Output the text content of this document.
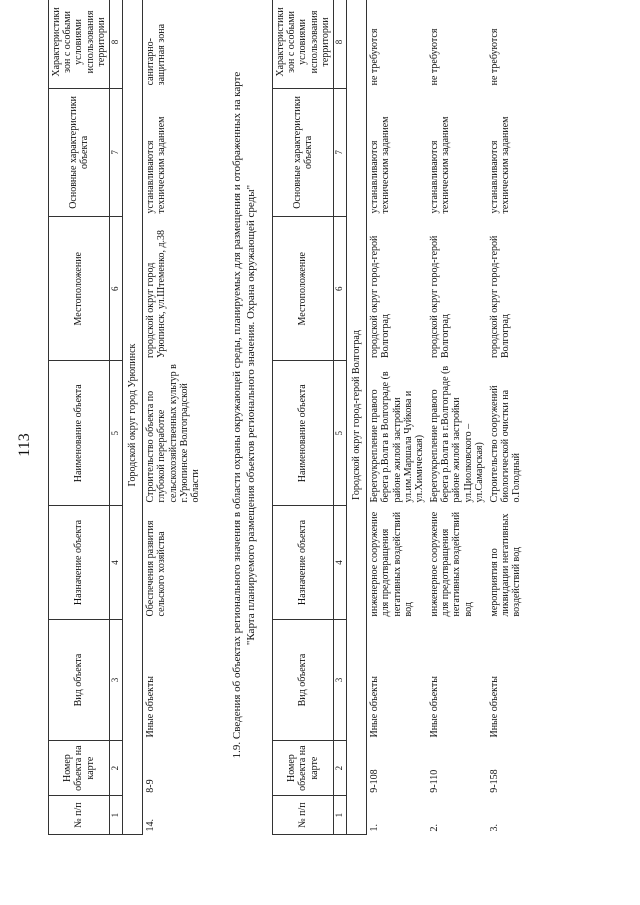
113
№ п/п	Номер объекта на карте	Вид объекта	Назначение объекта	Наименование объекта	Местоположение	Основные характеристики объекта	Характеристики зон с особыми условиями использования территории
1	2	3	4	5	6	7	8
Городской округ город Урюпинск							
14.	8-9	Иные объекты	Обеспечения развития сельского хозяйства	Строительство объекта по глубокой переработке сельскохозяйственных культур в г.Урюпинске Волгоградской области	городской округ город Урюпинск, ул.Штеменко, д.38	устанавливаются техническим заданием	санитарно-защитная зона
1.9. Сведения об объектах регионального значения в области охраны окружающей среды, планируемых для размещения и отображенных на карте "Карта планируемого размещения объектов регионального значения. Охрана окружающей среды"
№ п/п	Номер объекта на карте	Вид объекта	Назначение объекта	Наименование объекта	Местоположение	Основные характеристики объекта	Характеристики зон с особыми условиями использования территории
1	2	3	4	5	6	7	8
Городской округ город-герой Волгоград							
1.	9-108	Иные объекты	инженерное сооружение для предотвращения негативных воздействий вод	Берегоукрепление правого берега р.Волга в Волгограде (в районе жилой застройки ул.им.Маршала Чуйкова и ул.Химическая)	городской округ город-герой Волгоград	устанавливаются техническим заданием	не требуются
2.	9-110	Иные объекты	инженерное сооружение для предотвращения негативных воздействий вод	Берегоукрепление правого берега р.Волга в г.Волгограде (в районе жилой застройки ул.Циолковского – ул.Самарская)	городской округ город-герой Волгоград	устанавливаются техническим заданием	не требуются
3.	9-158	Иные объекты	мероприятия по ликвидации негативных воздействий вод	Строительство сооружений биологической очистки на о.Голодный	городской округ город-герой Волгоград	устанавливаются техническим заданием	не требуются
